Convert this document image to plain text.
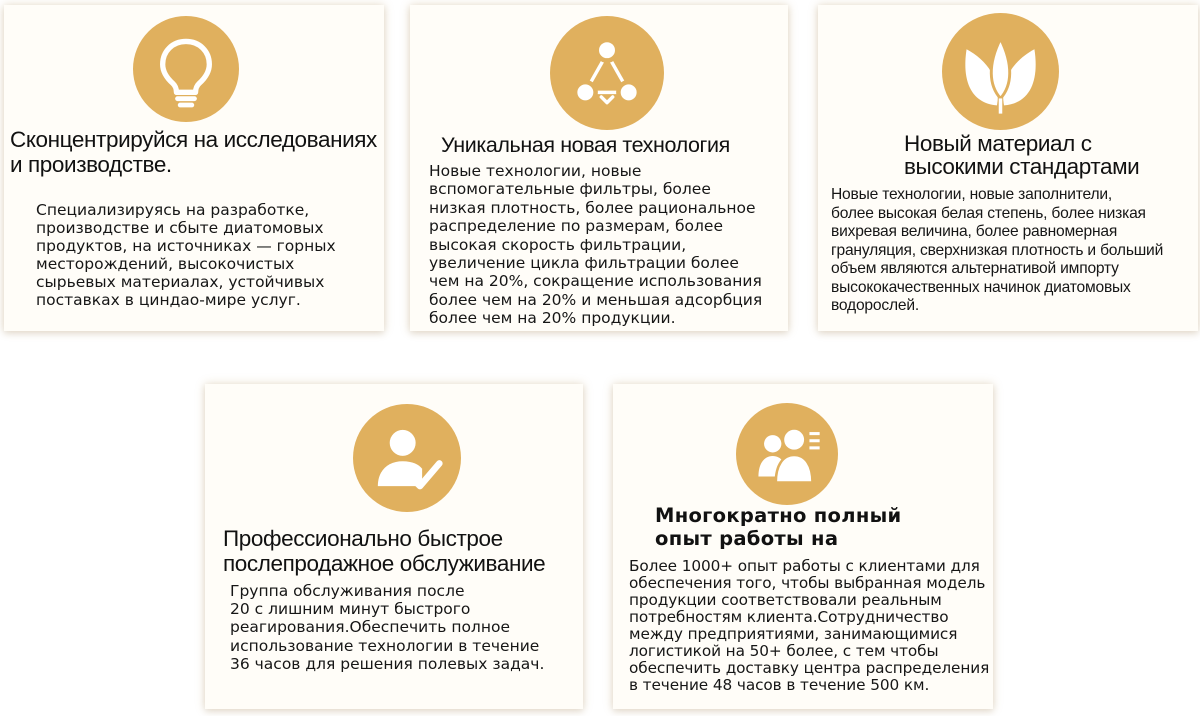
Сконцентрируйся на исследованиях
и производстве.

Специализируясь на разработке,
производстве и сбыте диатомовых
продуктов, на источниках — горных
месторождений, высокочистых
сырьевых материалах, устойчивых
поставках в циндао-мире услуг.

Уникальная новая технология

Новые технологии, новые
вспомогательные фильтры, более
низкая плотность, более рациональное
распределение по размерам, более
высокая скорость фильтрации,
увеличение цикла фильтрации более
чем на 20%, сокращение использования
более чем на 20% и меньшая адсорбция
более чем на 20% продукции.

Новый материал с
высокими стандартами

Новые технологии, новые заполнители,
более высокая белая степень, более низкая
вихревая величина, более равномерная
грануляция, сверхнизкая плотность и больший
объем являются альтернативой импорту
высококачественных начинок диатомовых
водорослей.

Профессионально быстрое
послепродажное обслуживание

Группа обслуживания после
20 с лишним минут быстрого
реагирования.Обеспечить полное
использование технологии в течение
36 часов для решения полевых задач.

Многократно полный
опыт работы на

Более 1000+ опыт работы с клиентами для
обеспечения того, чтобы выбранная модель
продукции соответствовали реальным
потребностям клиента.Сотрудничество
между предприятиями, занимающимися
логистикой на 50+ более, с тем чтобы
обеспечить доставку центра распределения
в течение 48 часов в течение 500 км.
